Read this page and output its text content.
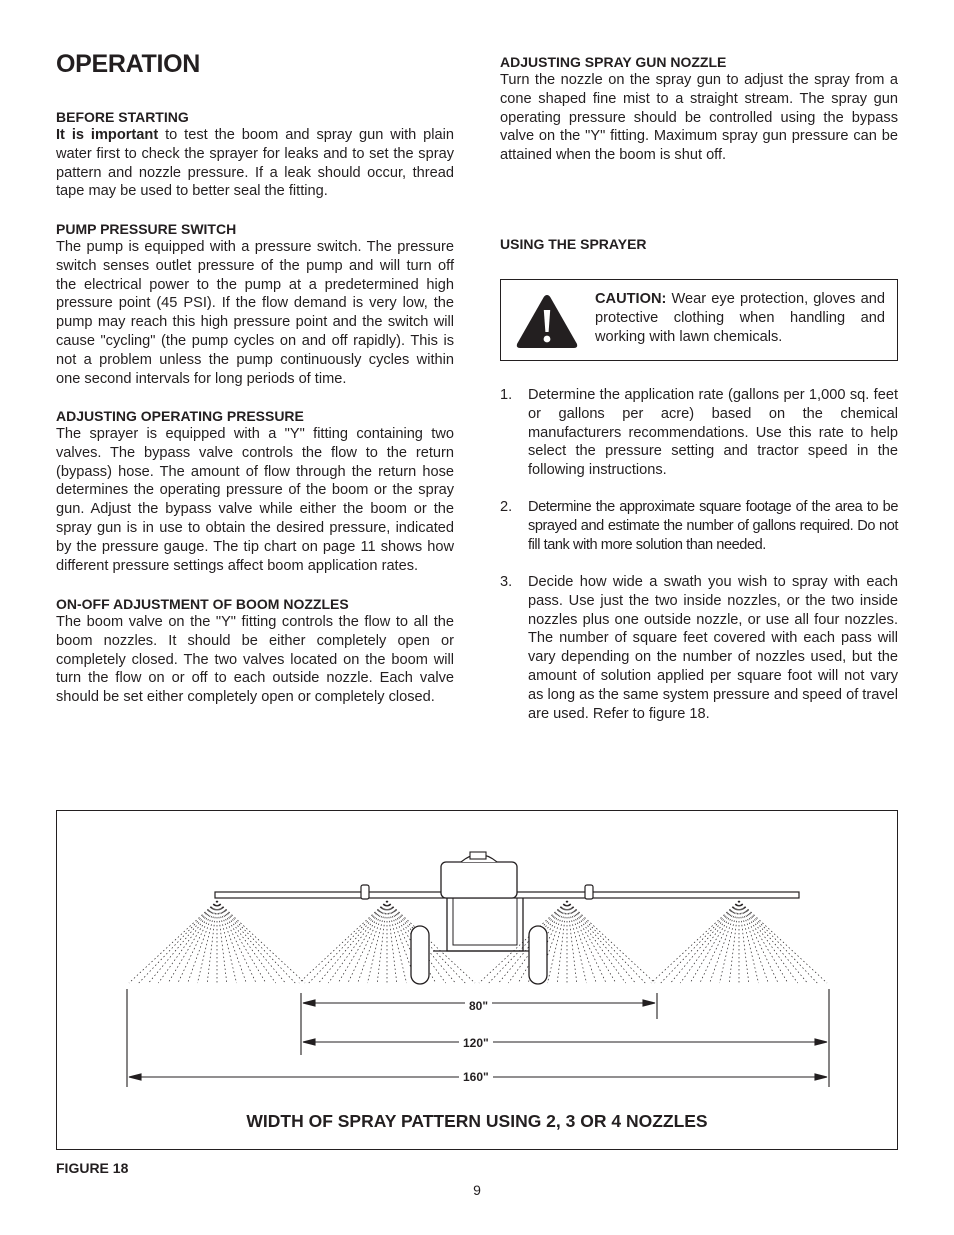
OPERATION

BEFORE STARTING

It is important to test the boom and spray gun with plain water first to check the sprayer for leaks and to set the spray pattern and nozzle pressure. If a leak should occur, thread tape may be used to better seal the fitting.

PUMP PRESSURE SWITCH

The pump is equipped with a pressure switch. The pressure switch senses outlet pressure of the pump and will turn off the electrical power to the pump at a predetermined high pressure point (45 PSI). If the flow demand is very low, the pump may reach this high pressure point and the switch will cause "cycling" (the pump cycles on and off rapidly). This is not a problem unless the pump continuously cycles within one second intervals for long periods of time.

ADJUSTING OPERATING PRESSURE

The sprayer is equipped with a "Y" fitting containing two valves. The bypass valve controls the flow to the return (bypass) hose. The amount of flow through the return hose determines the operating pressure of the boom or the spray gun. Adjust the bypass valve while either the boom or the spray gun is in use to obtain the desired pressure, indicated by the pressure gauge. The tip chart on page 11 shows how different pressure settings affect boom application rates.

ON-OFF ADJUSTMENT OF BOOM NOZZLES

The boom valve on the "Y" fitting controls the flow to all the boom nozzles. It should be either completely open or completely closed. The two valves located on the boom will turn the flow on or off to each outside nozzle. Each valve should be set either completely open or completely closed.

ADJUSTING SPRAY GUN NOZZLE

Turn the nozzle on the spray gun to adjust the spray from a cone shaped fine mist to a straight stream. The spray gun operating pressure should be controlled using the bypass valve on the "Y" fitting. Maximum spray gun pressure can be attained when the boom is shut off.

USING THE SPRAYER

CAUTION: Wear eye protection, gloves and protective clothing when handling and working with lawn chemicals.

1. Determine the application rate (gallons per 1,000 sq. feet or gallons per acre) based on the chemical manufacturers recommendations. Use this rate to help select the pressure setting and tractor speed in the following instructions.

2. Determine the approximate square footage of the area to be sprayed and estimate the number of gallons required. Do not fill tank with more solution than needed.

3. Decide how wide a swath you wish to spray with each pass. Use just the two inside nozzles, or the two inside nozzles plus one outside nozzle, or use all four nozzles. The number of square feet covered with each pass will vary depending on the number of nozzles used, but the amount of solution applied per square foot will not vary as long as the same system pressure and speed of travel are used. Refer to figure 18.

80"
120"
160"

WIDTH OF SPRAY PATTERN USING 2, 3 OR 4 NOZZLES

FIGURE 18
9
